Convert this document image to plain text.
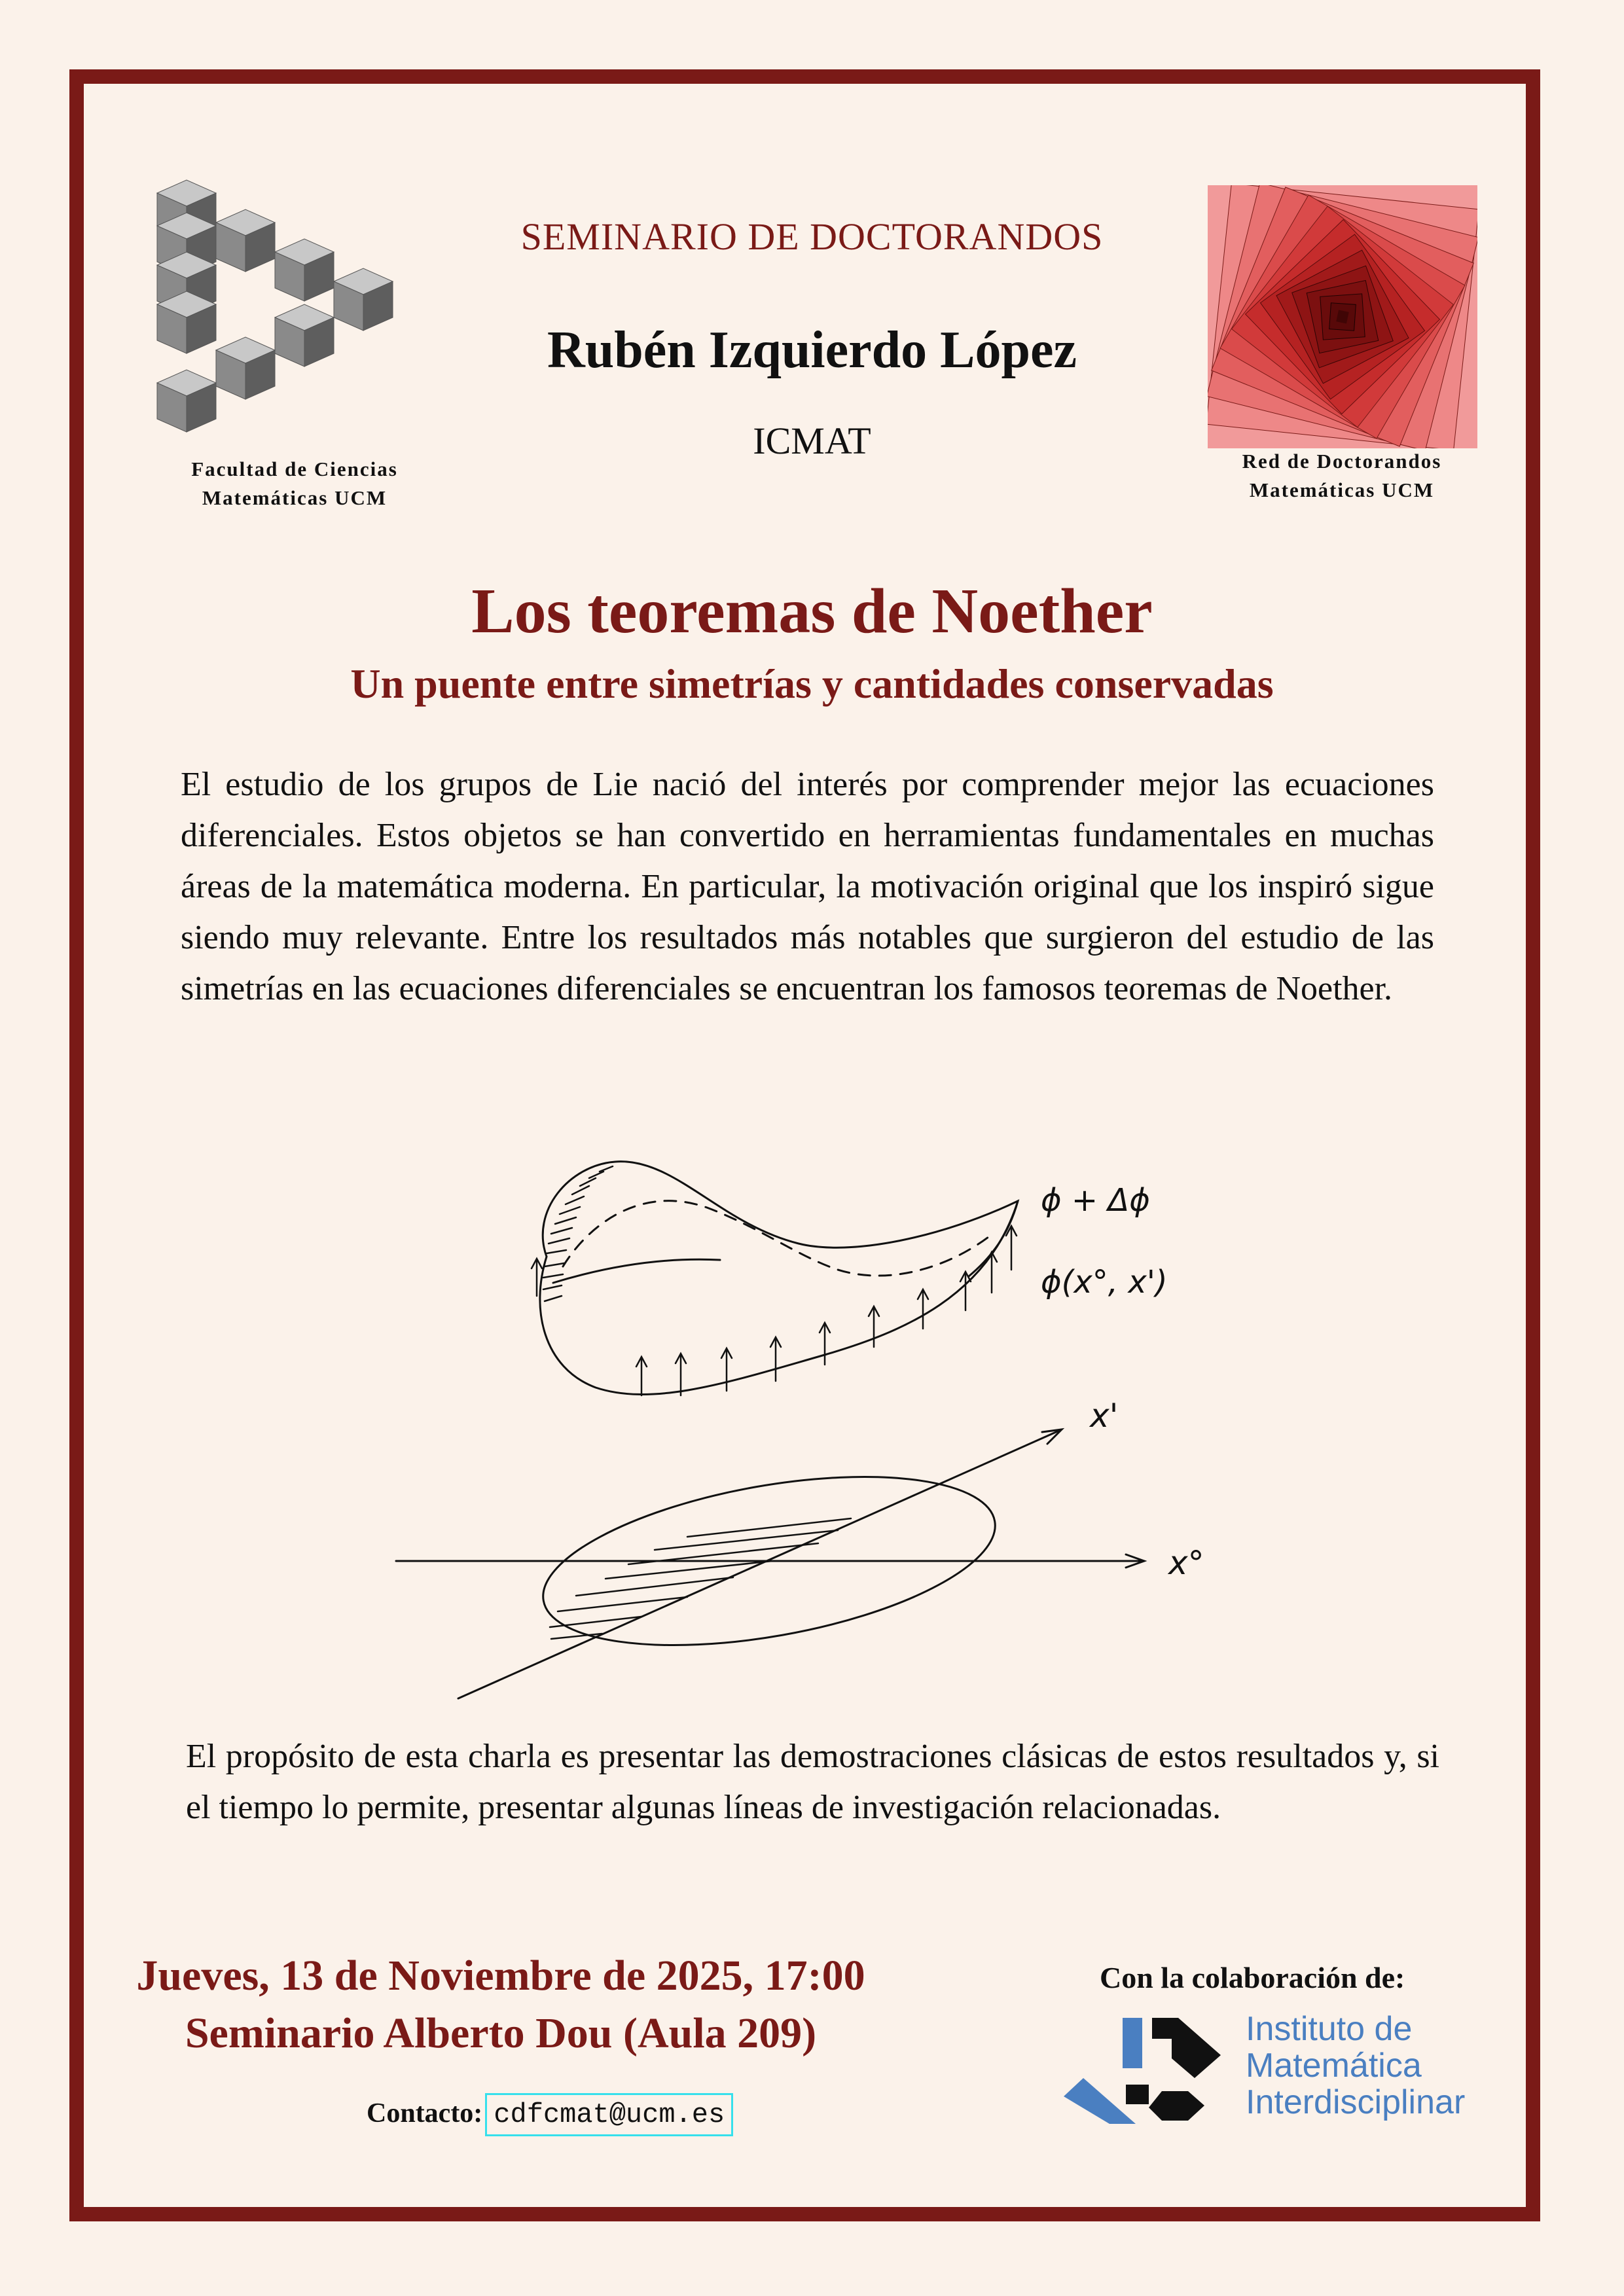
Facultad de Ciencias
Matemáticas UCM
Red de Doctorandos
Matemáticas UCM
SEMINARIO DE DOCTORANDOS
Rubén Izquierdo López
ICMAT
Los teoremas de Noether
Un puente entre simetrías y cantidades conservadas
El estudio de los grupos de Lie nació del interés por comprender mejor las ecuaciones diferenciales. Estos objetos se han convertido en herramientas fundamentales en muchas áreas de la matemática moderna. En particular, la motivación original que los inspiró sigue siendo muy relevante. Entre los resultados más notables que surgieron del estudio de las simetrías en las ecuaciones diferenciales se encuentran los famosos teoremas de Noether.
ϕ + Δϕ
ϕ(x°, x')
x°
x'
El propósito de esta charla es presentar las demostraciones clásicas de estos resultados y, si el tiempo lo permite, presentar algunas líneas de investigación relacionadas.
Jueves, 13 de Noviembre de 2025, 17:00
Seminario Alberto Dou (Aula 209)
Contacto: cdfcmat@ucm.es
Con la colaboración de:
Instituto de
Matemática
Interdisciplinar
